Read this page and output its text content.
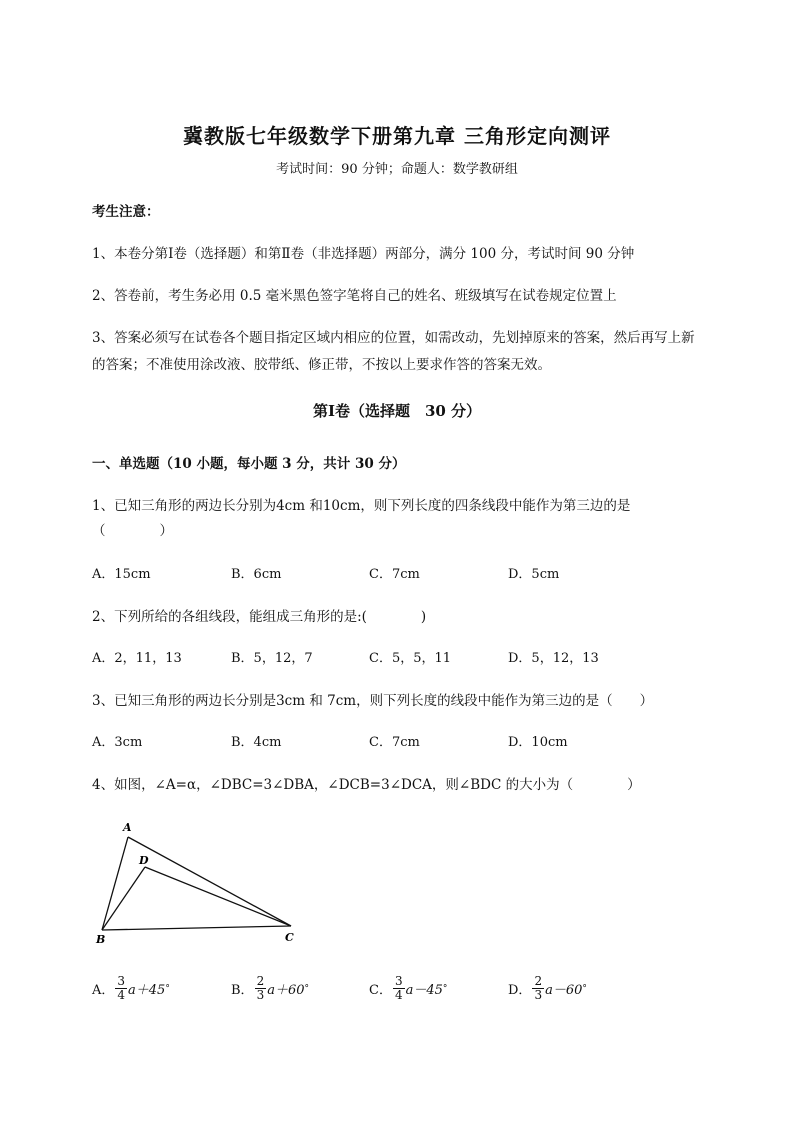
冀教版七年级数学下册第九章 三角形定向测评
考试时间：90 分钟；命题人：数学教研组
考生注意：
1、本卷分第Ⅰ卷（选择题）和第Ⅱ卷（非选择题）两部分，满分 100 分，考试时间 90 分钟
2、答卷前，考生务必用 0.5 毫米黑色签字笔将自己的姓名、班级填写在试卷规定位置上
3、答案必须写在试卷各个题目指定区域内相应的位置，如需改动，先划掉原来的答案，然后再写上新
的答案；不准使用涂改液、胶带纸、修正带，不按以上要求作答的答案无效。
第Ⅰ卷（选择题　30 分）
一、单选题（10 小题，每小题 3 分，共计 30 分）
1、已知三角形的两边长分别为4cm 和10cm，则下列长度的四条线段中能作为第三边的是
（　　　　）
A．15cm	B．6cm	C．7cm	D．5cm
2、下列所给的各组线段，能组成三角形的是:(　　　　)
A．2，11，13	B．5，12，7	C．5，5，11	D．5，12，13
3、已知三角形的两边长分别是3cm 和 7cm，则下列长度的线段中能作为第三边的是（　　）
A．3cm	B．4cm	C．7cm	D．10cm
4、如图，∠A=α，∠DBC=3∠DBA，∠DCB=3∠DCA，则∠BDC 的大小为（　　　　）
A
D
B	C
A． $\frac{3}{4} a+45$ °	B． $\frac{2}{3} a+60$ °	C． $\frac{3}{4} a-45$ °	D． $\frac{2}{3} a-60$ °
